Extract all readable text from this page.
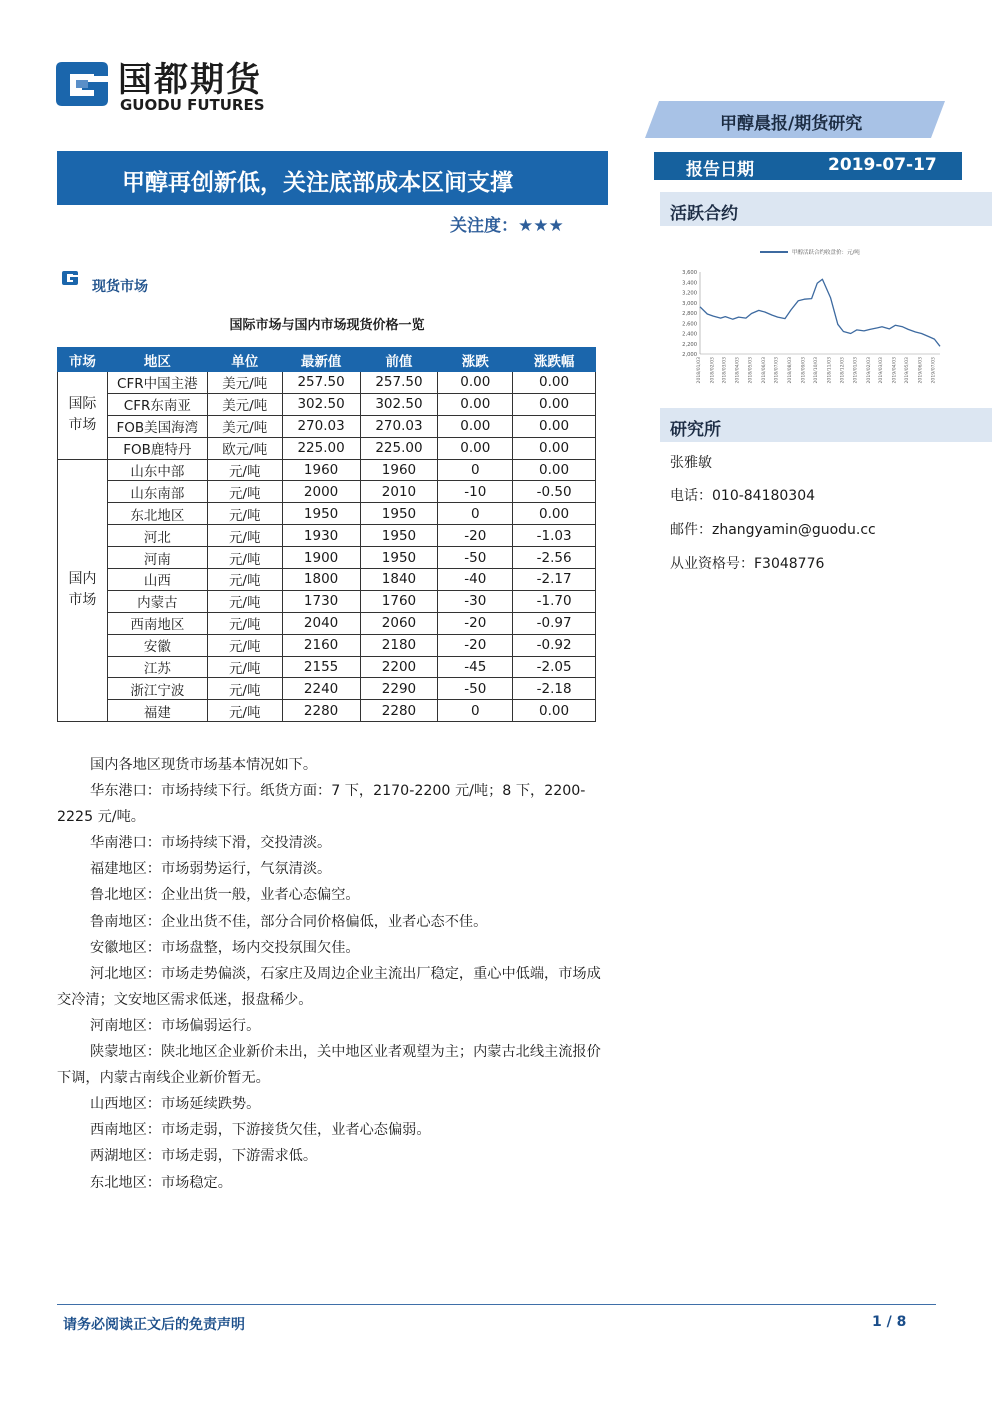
国都期货
GUODU FUTURES
甲醇晨报/期货研究
报告日期	2019-07-17
甲醇再创新低，关注底部成本区间支撑
关注度：★★★
活跃合约
甲醇活跃合约收盘价：元/吨
3,600
3,400
3,200
3,000
2,800
2,600
2,400
2,200
2,000
2018/01/03 2018/02/03 2018/03/03 2018/04/03 2018/05/03 2018/06/03 2018/07/03 2018/08/03 2018/09/03 2018/10/03 2018/11/03 2018/12/03 2019/01/03 2019/02/03 2019/03/03 2019/04/03 2019/05/03 2019/06/03 2019/07/03
研究所
张雅敏
电话：010-84180304
邮件：zhangyamin@guodu.cc
从业资格号：F3048776
现货市场
国际市场与国内市场现货价格一览
市场	地区	单位	最新值	前值	涨跌	涨跌幅
国际
市场	CFR中国主港	美元/吨	257.50	257.50	0.00	0.00
	CFR东南亚	美元/吨	302.50	302.50	0.00	0.00
	FOB美国海湾	美元/吨	270.03	270.03	0.00	0.00
	FOB鹿特丹	欧元/吨	225.00	225.00	0.00	0.00
国内
市场	山东中部	元/吨	1960	1960	0	0.00
	山东南部	元/吨	2000	2010	-10	-0.50
	东北地区	元/吨	1950	1950	0	0.00
	河北	元/吨	1930	1950	-20	-1.03
	河南	元/吨	1900	1950	-50	-2.56
	山西	元/吨	1800	1840	-40	-2.17
	内蒙古	元/吨	1730	1760	-30	-1.70
	西南地区	元/吨	2040	2060	-20	-0.97
	安徽	元/吨	2160	2180	-20	-0.92
	江苏	元/吨	2155	2200	-45	-2.05
	浙江宁波	元/吨	2240	2290	-50	-2.18
	福建	元/吨	2280	2280	0	0.00

国内各地区现货市场基本情况如下。

华东港口：市场持续下行。纸货方面：7 下，2170-2200 元/吨；8 下，2200-2225 元/吨。

华南港口：市场持续下滑，交投清淡。

福建地区：市场弱势运行，气氛清淡。

鲁北地区：企业出货一般，业者心态偏空。

鲁南地区：企业出货不佳，部分合同价格偏低，业者心态不佳。

安徽地区：市场盘整，场内交投氛围欠佳。

河北地区：市场走势偏淡，石家庄及周边企业主流出厂稳定，重心中低端，市场成交冷清；文安地区需求低迷，报盘稀少。

河南地区：市场偏弱运行。

陕蒙地区：陕北地区企业新价未出，关中地区业者观望为主；内蒙古北线主流报价下调，内蒙古南线企业新价暂无。

山西地区：市场延续跌势。

西南地区：市场走弱，下游接货欠佳，业者心态偏弱。

两湖地区：市场走弱，下游需求低。

东北地区：市场稳定。

请务必阅读正文后的免责声明	1 / 8
